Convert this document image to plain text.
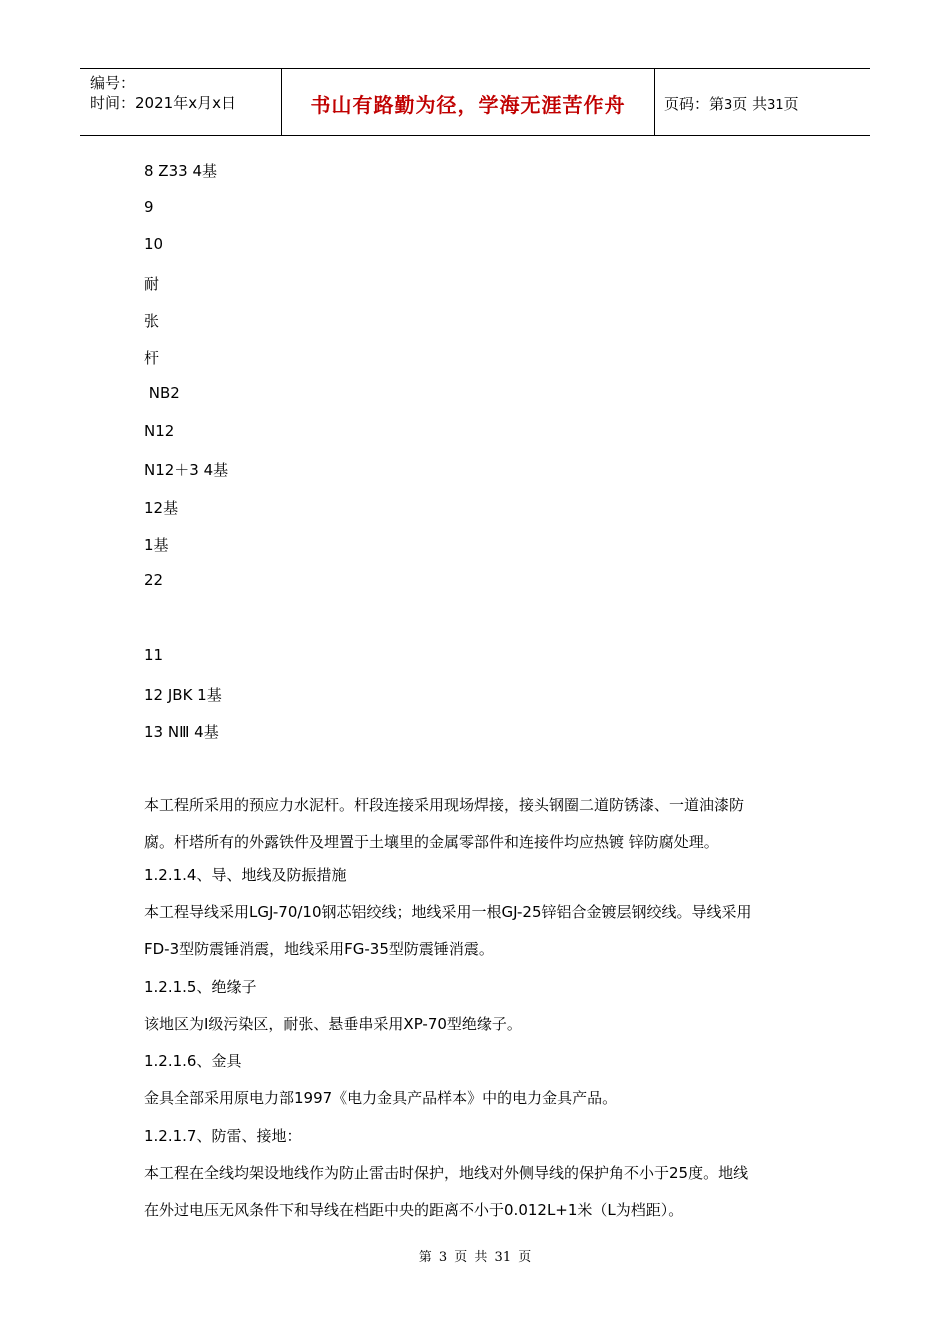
编号：
时间：2021年x月x日	书山有路勤为径，学海无涯苦作舟	页码：第3页 共31页
8 Z33 4基
9
10
耐
张
杆
NB2
N12
N12＋3 4基
12基
1基
22
11
12 JBK 1基
13 NⅢ 4基
本工程所采用的预应力水泥杆。杆段连接采用现场焊接，接头钢圈二道防锈漆、一道油漆防
腐。杆塔所有的外露铁件及埋置于土壤里的金属零部件和连接件均应热镀 锌防腐处理。
1.2.1.4、导、地线及防振措施
本工程导线采用LGJ-70/10钢芯铝绞线；地线采用一根GJ-25锌铝合金镀层钢绞线。导线采用
FD-3型防震锤消震，地线采用FG-35型防震锤消震。
1.2.1.5、绝缘子
该地区为Ⅰ级污染区，耐张、悬垂串采用XP-70型绝缘子。
1.2.1.6、金具
金具全部采用原电力部1997《电力金具产品样本》中的电力金具产品。
1.2.1.7、防雷、接地：
本工程在全线均架设地线作为防止雷击时保护，地线对外侧导线的保护角不小于25度。地线
在外过电压无风条件下和导线在档距中央的距离不小于0.012L+1米（L为档距）。
第 3 页 共 31 页
